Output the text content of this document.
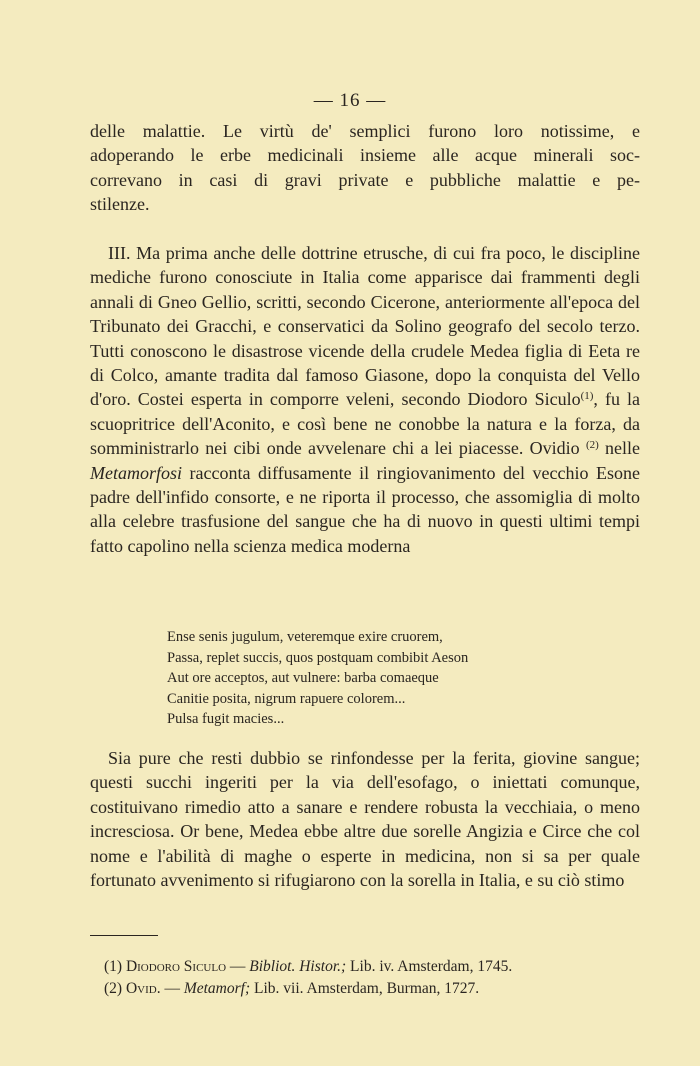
— 16 —
delle malattie. Le virtù de' semplici furono loro notissime, e
adoperando le erbe medicinali insieme alle acque minerali soc-
correvano in casi di gravi private e pubbliche malattie e pe-
stilenze.
III. Ma prima anche delle dottrine etrusche, di cui fra poco, le discipline mediche furono conosciute in Italia come apparisce dai frammenti degli annali di Gneo Gellio, scritti, secondo Cicerone, anteriormente all'epoca del Tribunato dei Gracchi, e conservatici da Solino geografo del secolo terzo. Tutti conoscono le disastrose vicende della crudele Medea figlia di Eeta re di Colco, amante tradita dal famoso Giasone, dopo la conquista del Vello d'oro. Costei esperta in comporre veleni, secondo Diodoro Siculo$^{(1)}$, fu la scuopritrice dell'Aconito, e così bene ne conobbe la natura e la forza, da somministrarlo nei cibi onde avvelenare chi a lei piacesse. Ovidio $^{(2)}$ nelle Metamorfosi racconta diffusamente il ringiovanimento del vecchio Esone padre dell'infido consorte, e ne riporta il processo, che assomiglia di molto alla celebre trasfusione del sangue che ha di nuovo in questi ultimi tempi fatto capolino nella scienza medica moderna
Ense senis jugulum, veteremque exire cruorem,
Passa, replet succis, quos postquam combibit Aeson
Aut ore acceptos, aut vulnere: barba comaeque
Canitie posita, nigrum rapuere colorem...
Pulsa fugit macies...
Sia pure che resti dubbio se rinfondesse per la ferita, giovine sangue; questi succhi ingeriti per la via dell'esofago, o iniettati comunque, costituivano rimedio atto a sanare e rendere robusta la vecchiaia, o meno incresciosa. Or bene, Medea ebbe altre due sorelle Angizia e Circe che col nome e l'abilità di maghe o esperte in medicina, non si sa per quale fortunato avvenimento si rifugiarono con la sorella in Italia, e su ciò stimo
(1) Diodoro Siculo — Bibliot. Histor.; Lib. iv. Amsterdam, 1745.
(2) Ovid. — Metamorf; Lib. vii. Amsterdam, Burman, 1727.
